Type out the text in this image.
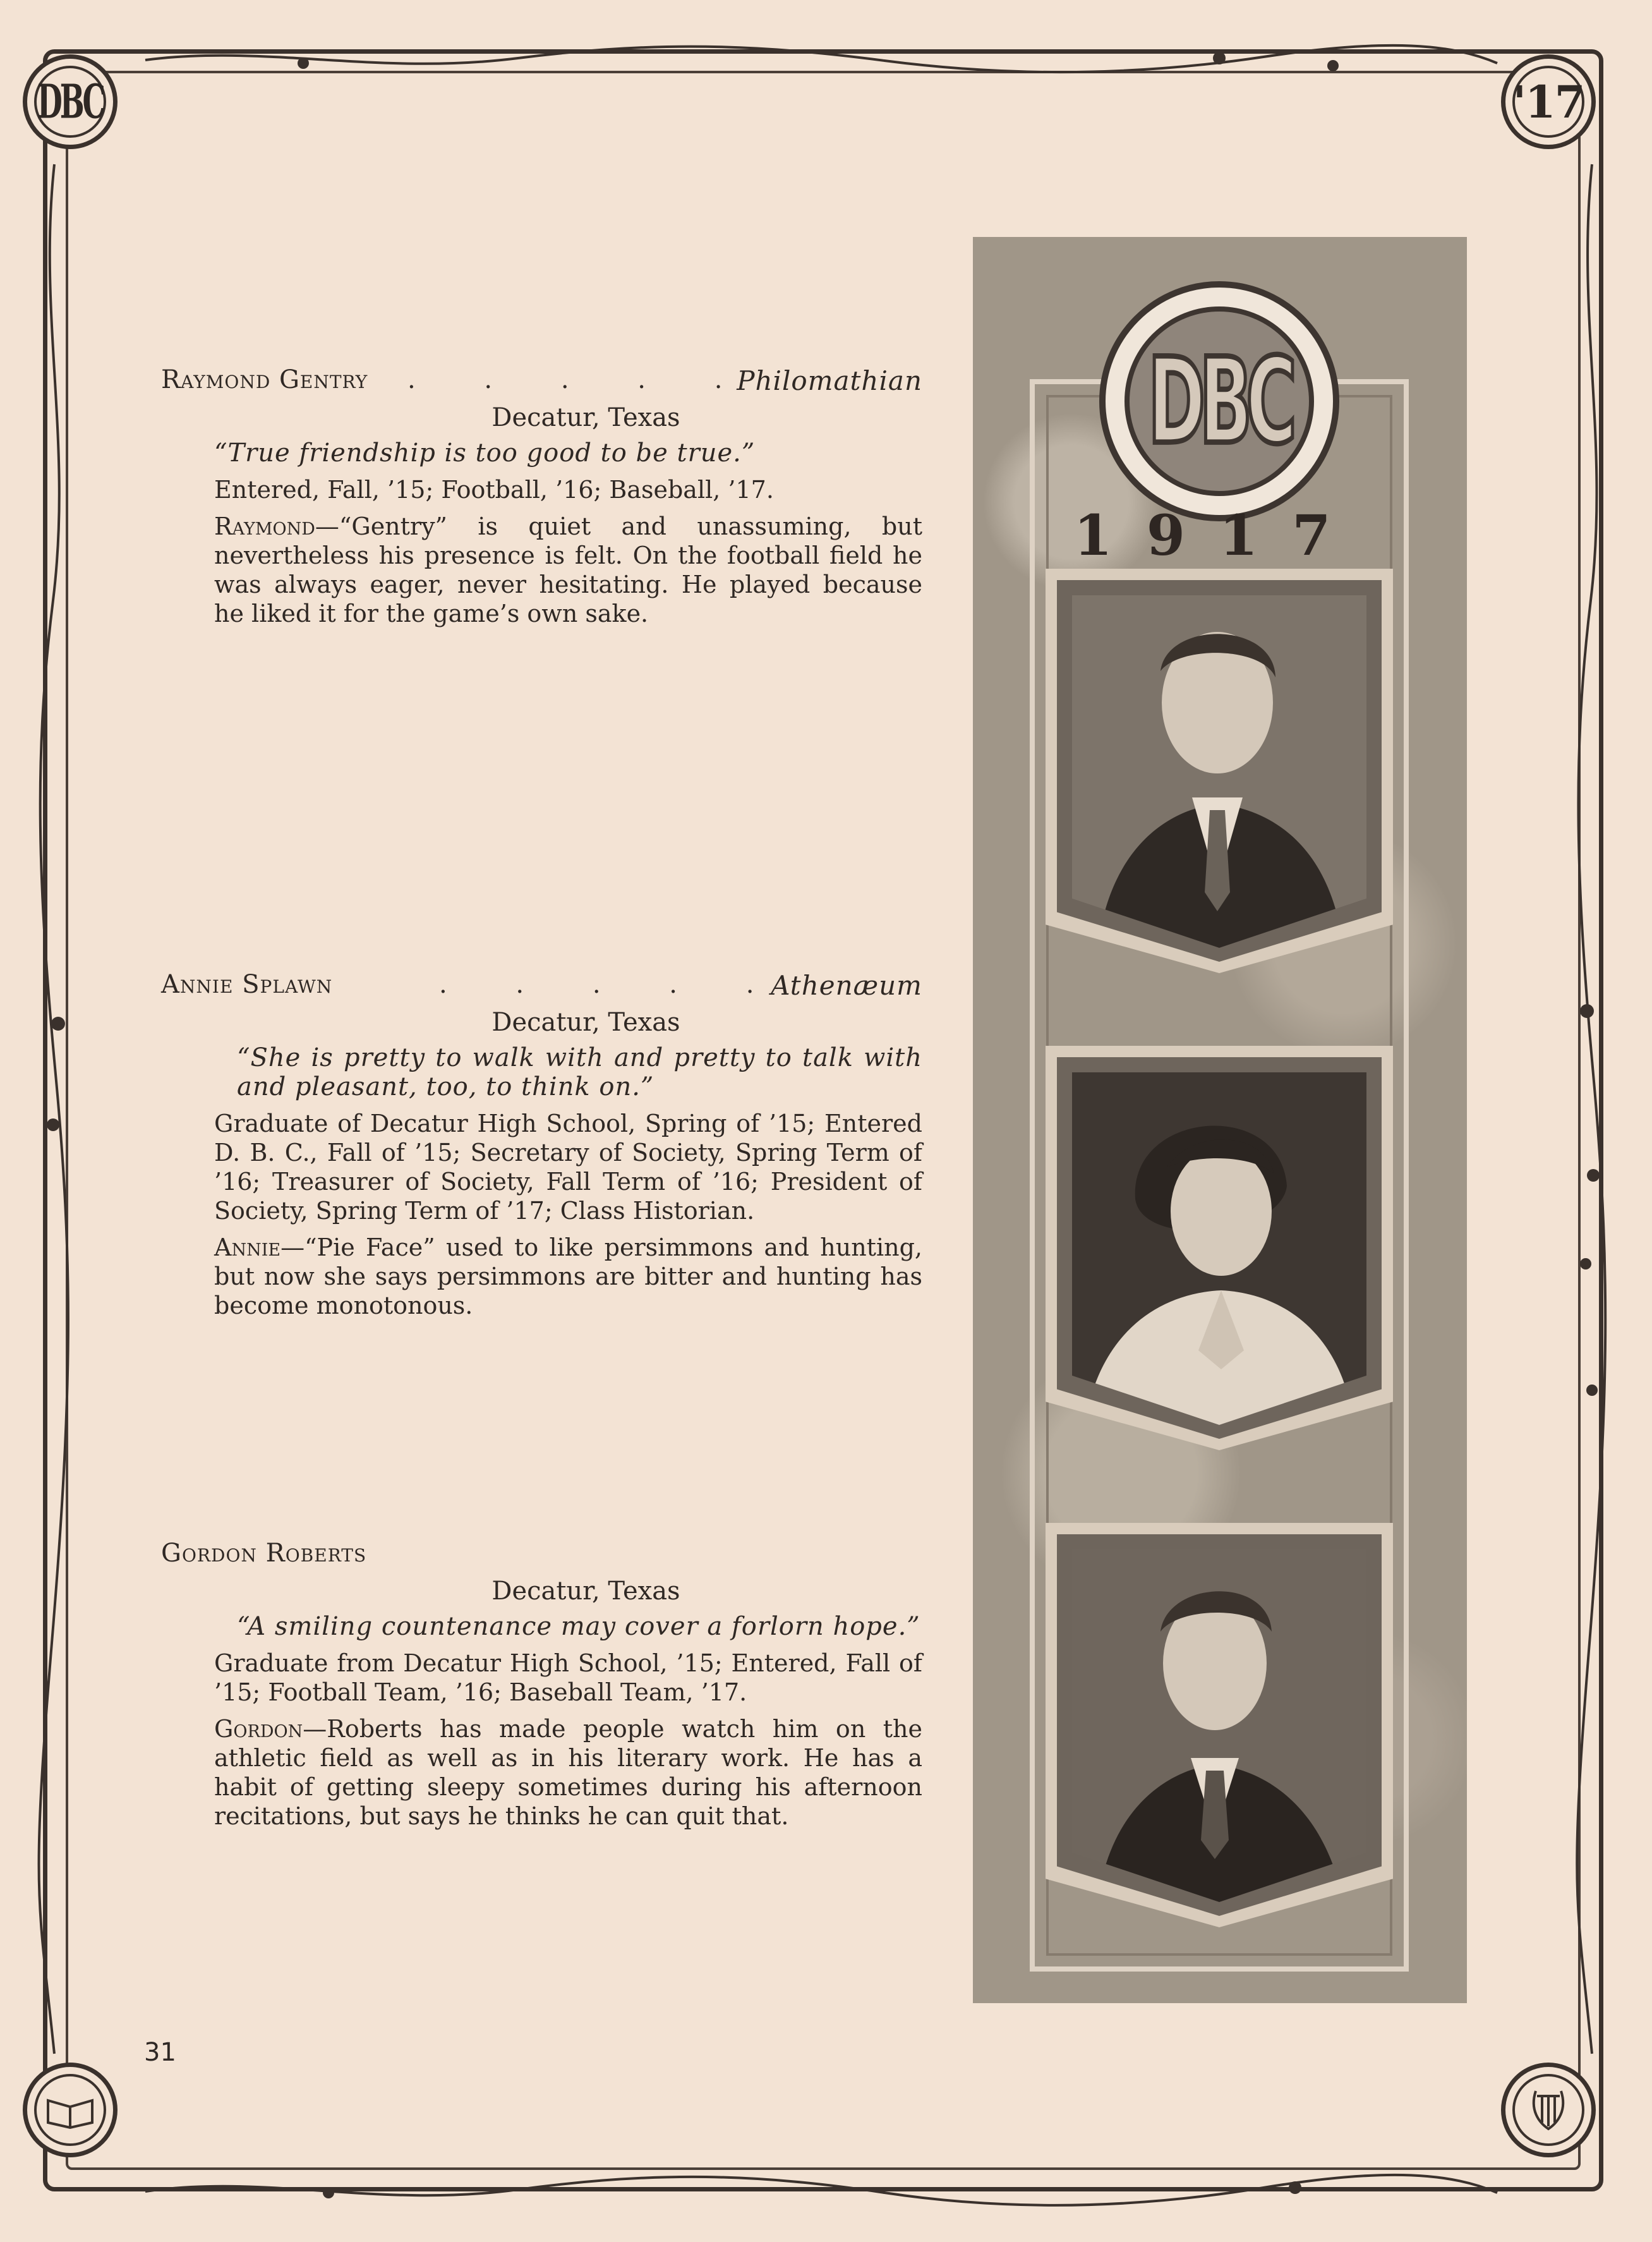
DBC	'17
Raymond Gentry . . . . .
Philomathian
Decatur, Texas
“True friendship is too good to be true.”
Entered, Fall, ’15; Football, ’16; Baseball, ’17.
Raymond—“Gentry” is quiet and unassuming, but nevertheless his presence is felt. On the football field he was always eager, never hesitating. He played because he liked it for the game’s own sake.
Annie Splawn	. . . . .
Athenæum
Decatur, Texas
“She is pretty to walk with and pretty to talk with and pleasant, too, to think on.”
Graduate of Decatur High School, Spring of ’15; Entered D. B. C., Fall of ’15; Secretary of Society, Spring Term of ’16; Treasurer of Society, Fall Term of ’16; President of Society, Spring Term of ’17; Class Historian.
Annie—“Pie Face” used to like persimmons and hunting, but now she says persimmons are bitter and hunting has become monotonous.
Gordon Roberts
Decatur, Texas
“A smiling countenance may cover a forlorn hope.”
Graduate from Decatur High School, ’15; Entered, Fall of ’15; Football Team, ’16; Baseball Team, ’17.
Gordon—Roberts has made people watch him on the athletic field as well as in his literary work. He has a habit of getting sleepy sometimes during his afternoon recitations, but says he thinks he can quit that.
DBC
1917
31
